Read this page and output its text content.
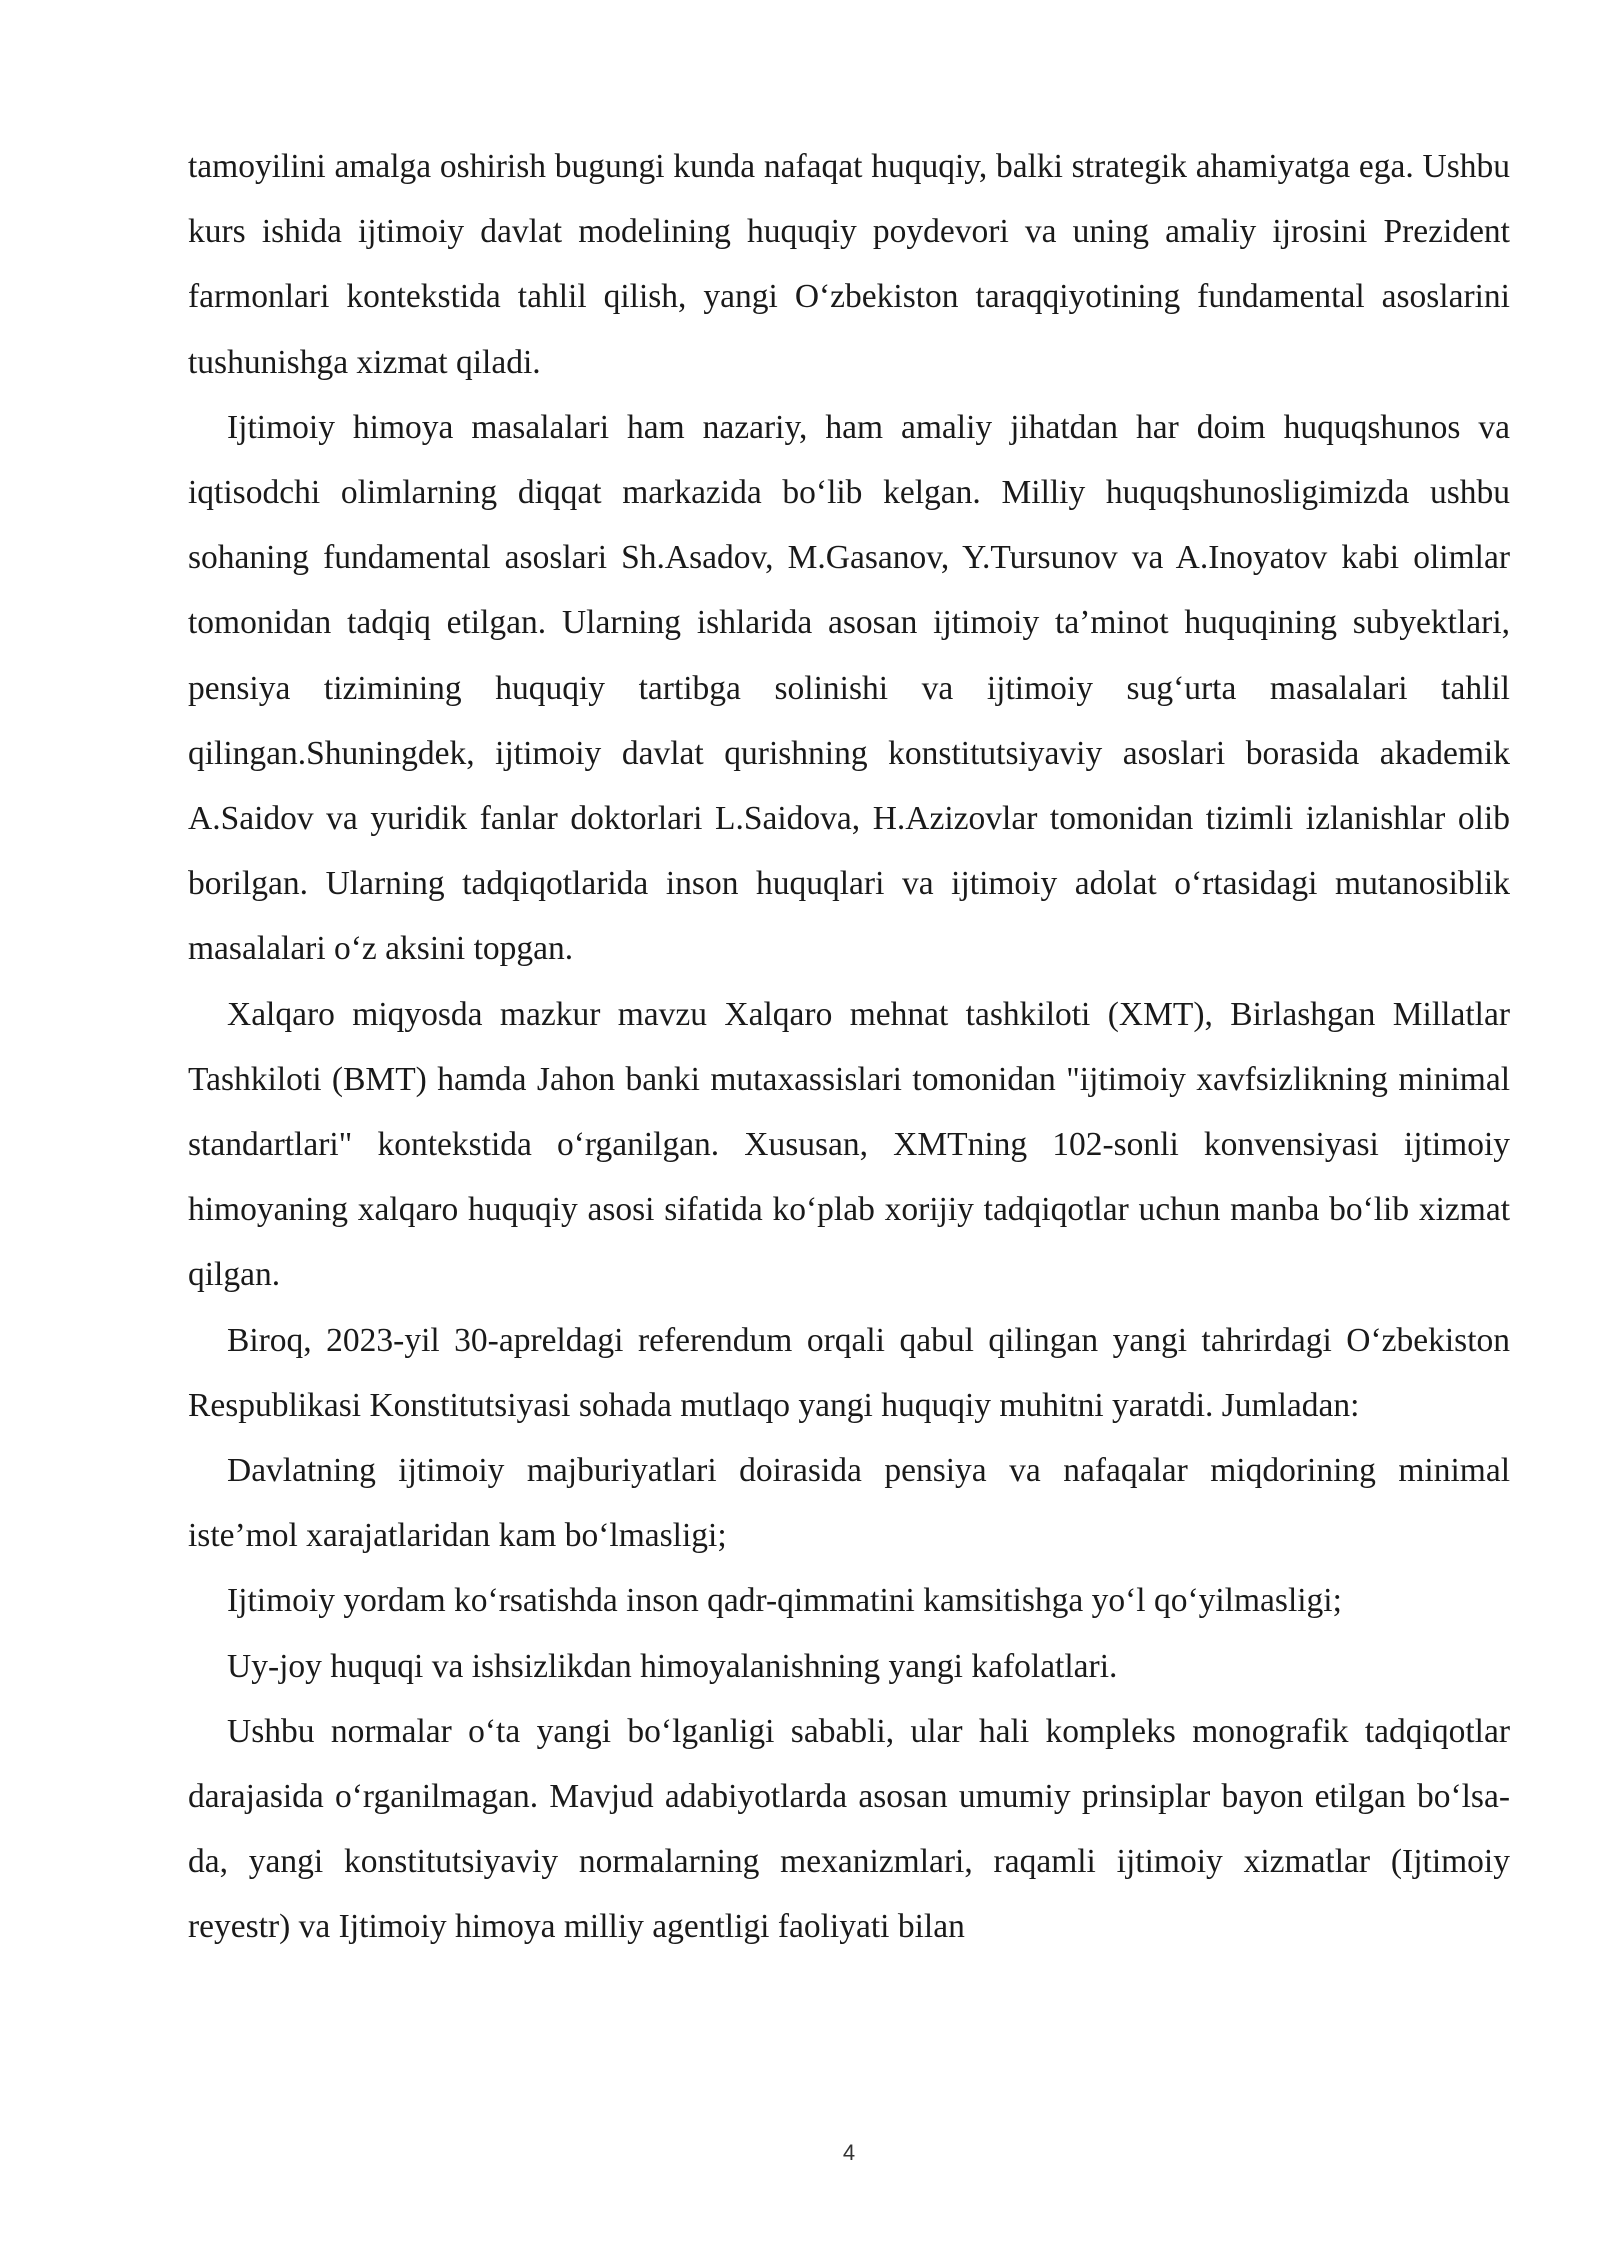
tamoyilini amalga oshirish bugungi kunda nafaqat huquqiy, balki strategik ahamiyatga ega. Ushbu kurs ishida ijtimoiy davlat modelining huquqiy poydevori va uning amaliy ijrosini Prezident farmonlari kontekstida tahlil qilish, yangi O‘zbekiston taraqqiyotining fundamental asoslarini tushunishga xizmat qiladi.

Ijtimoiy himoya masalalari ham nazariy, ham amaliy jihatdan har doim huquqshunos va iqtisodchi olimlarning diqqat markazida bo‘lib kelgan. Milliy huquqshunosligimizda ushbu sohaning fundamental asoslari Sh.Asadov, M.Gasanov, Y.Tursunov va A.Inoyatov kabi olimlar tomonidan tadqiq etilgan. Ularning ishlarida asosan ijtimoiy ta’minot huquqining subyektlari, pensiya tizimining huquqiy tartibga solinishi va ijtimoiy sug‘urta masalalari tahlil qilingan.Shuningdek, ijtimoiy davlat qurishning konstitutsiyaviy asoslari borasida akademik A.Saidov va yuridik fanlar doktorlari L.Saidova, H.Azizovlar tomonidan tizimli izlanishlar olib borilgan. Ularning tadqiqotlarida inson huquqlari va ijtimoiy adolat o‘rtasidagi mutanosiblik masalalari o‘z aksini topgan.

Xalqaro miqyosda mazkur mavzu Xalqaro mehnat tashkiloti (XMT), Birlashgan Millatlar Tashkiloti (BMT) hamda Jahon banki mutaxassislari tomonidan "ijtimoiy xavfsizlikning minimal standartlari" kontekstida o‘rganilgan. Xususan, XMTning 102-sonli konvensiyasi ijtimoiy himoyaning xalqaro huquqiy asosi sifatida ko‘plab xorijiy tadqiqotlar uchun manba bo‘lib xizmat qilgan.

Biroq, 2023-yil 30-apreldagi referendum orqali qabul qilingan yangi tahrirdagi O‘zbekiston Respublikasi Konstitutsiyasi sohada mutlaqo yangi huquqiy muhitni yaratdi. Jumladan:

Davlatning ijtimoiy majburiyatlari doirasida pensiya va nafaqalar miqdorining minimal iste’mol xarajatlaridan kam bo‘lmasligi;

Ijtimoiy yordam ko‘rsatishda inson qadr-qimmatini kamsitishga yo‘l qo‘yilmasligi;

Uy-joy huquqi va ishsizlikdan himoyalanishning yangi kafolatlari.

Ushbu normalar o‘ta yangi bo‘lganligi sababli, ular hali kompleks monografik tadqiqotlar darajasida o‘rganilmagan. Mavjud adabiyotlarda asosan umumiy prinsiplar bayon etilgan bo‘lsa-da, yangi konstitutsiyaviy normalarning mexanizmlari, raqamli ijtimoiy xizmatlar (Ijtimoiy reyestr) va Ijtimoiy himoya milliy agentligi faoliyati bilan

4
